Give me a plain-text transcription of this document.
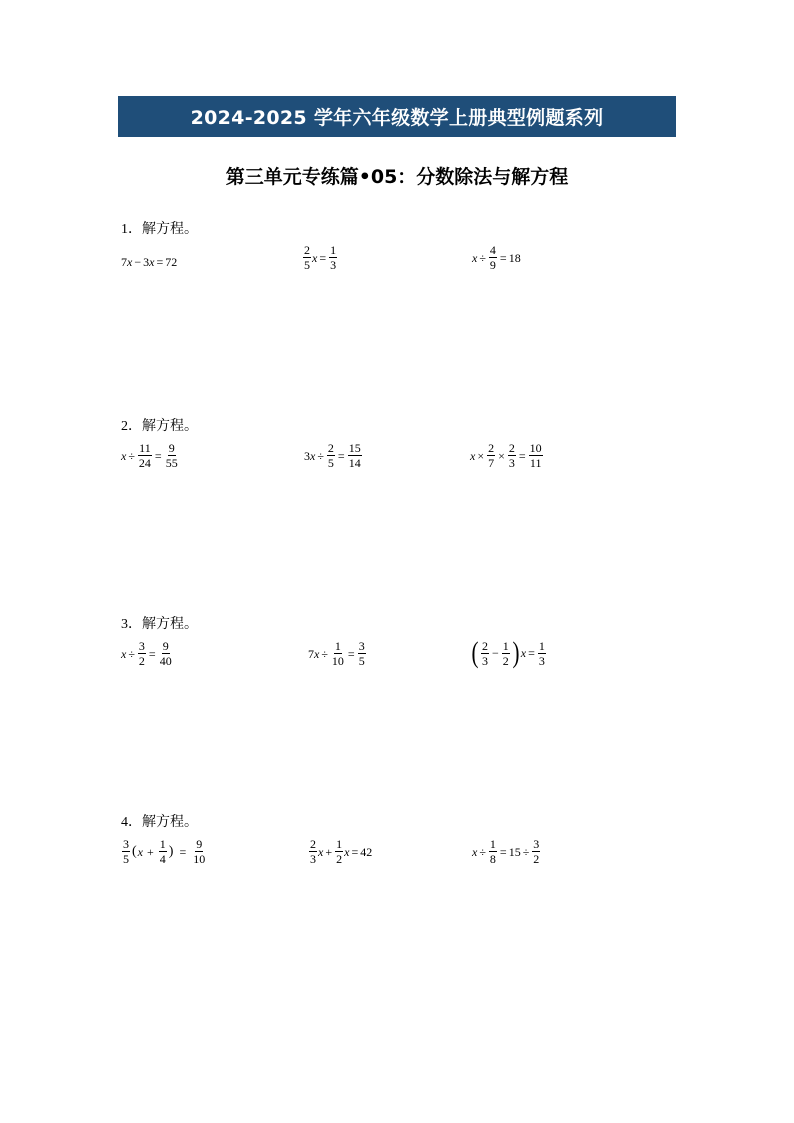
2024-2025 学年六年级数学上册典型例题系列
第三单元专练篇•05：分数除法与解方程
1．解方程。
7 x − 3 x = 72	$\frac{2}{5}$ $x = \frac{1}{3}$	$x \div \frac{4}{9} = 18$
2．解方程。
$x \div \frac{11}{24} = \frac{9}{55}$	3 $x \div \frac{2}{5} = \frac{15}{14}$	$x \times \frac{2}{7} \times \frac{2}{3} = \frac{10}{11}$
3．解方程。
$x \div \frac{3}{2} = \frac{9}{40}$	7 $x \div \frac{1}{10} = \frac{3}{5}$	( $\frac{2}{3} - \frac{1}{2}$ ) $x = \frac{1}{3}$
4．解方程。
$\frac{3}{5}$ ( $x + \frac{1}{4}$ ) = $\frac{9}{10}$	$\frac{2}{3}$ $x + \frac{1}{2}$ x = 42	$x \div \frac{1}{8} = 15 \div \frac{3}{2}$
